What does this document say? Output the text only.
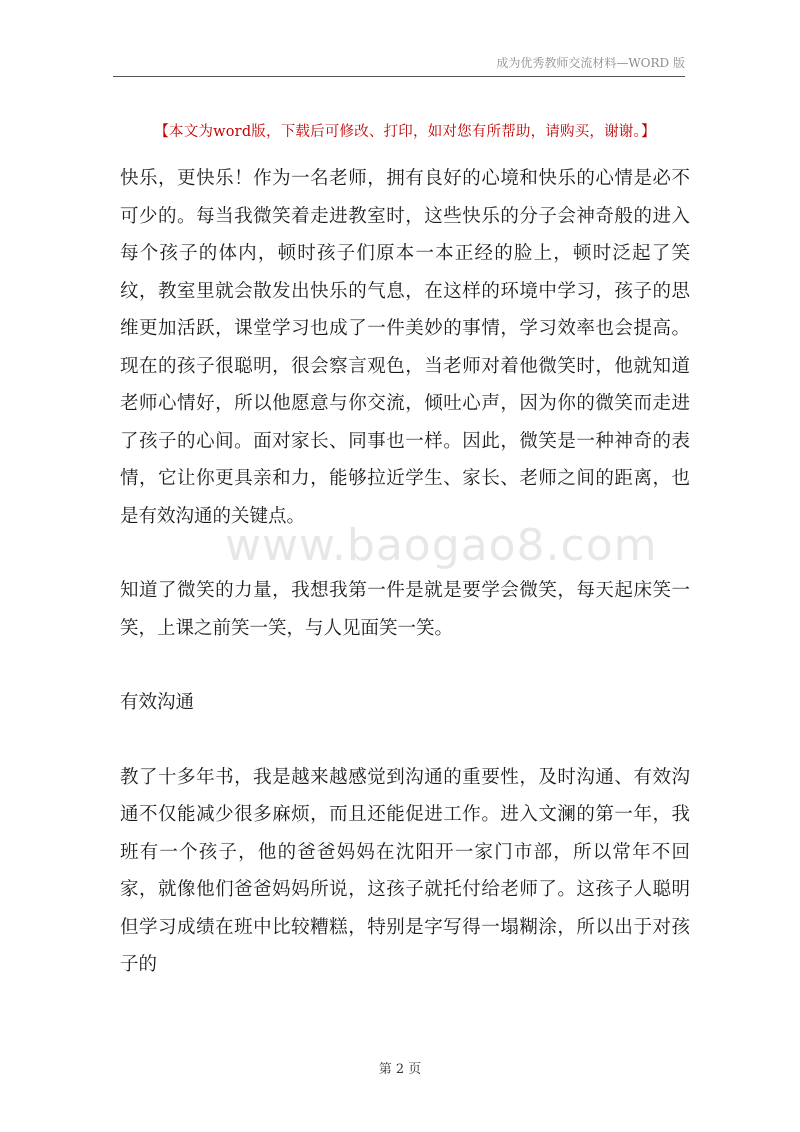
成为优秀教师交流材料—WORD 版
【本文为word版，下载后可修改、打印，如对您有所帮助，请购买，谢谢。】

快乐，更快乐！作为一名老师，拥有良好的心境和快乐的心情是必不可少的。每当我微笑着走进教室时，这些快乐的分子会神奇般的进入每个孩子的体内，顿时孩子们原本一本正经的脸上，顿时泛起了笑纹，教室里就会散发出快乐的气息，在这样的环境中学习，孩子的思维更加活跃，课堂学习也成了一件美妙的事情，学习效率也会提高。现在的孩子很聪明，很会察言观色，当老师对着他微笑时，他就知道老师心情好，所以他愿意与你交流，倾吐心声，因为你的微笑而走进了孩子的心间。面对家长、同事也一样。因此，微笑是一种神奇的表情，它让你更具亲和力，能够拉近学生、家长、老师之间的距离，也是有效沟通的关键点。

知道了微笑的力量，我想我第一件是就是要学会微笑，每天起床笑一笑，上课之前笑一笑，与人见面笑一笑。

有效沟通

教了十多年书，我是越来越感觉到沟通的重要性，及时沟通、有效沟通不仅能减少很多麻烦，而且还能促进工作。进入文澜的第一年，我班有一个孩子，他的爸爸妈妈在沈阳开一家门市部，所以常年不回家，就像他们爸爸妈妈所说，这孩子就托付给老师了。这孩子人聪明但学习成绩在班中比较糟糕，特别是字写得一塌糊涂，所以出于对孩子的

www.baogao8.com
第 2 页
